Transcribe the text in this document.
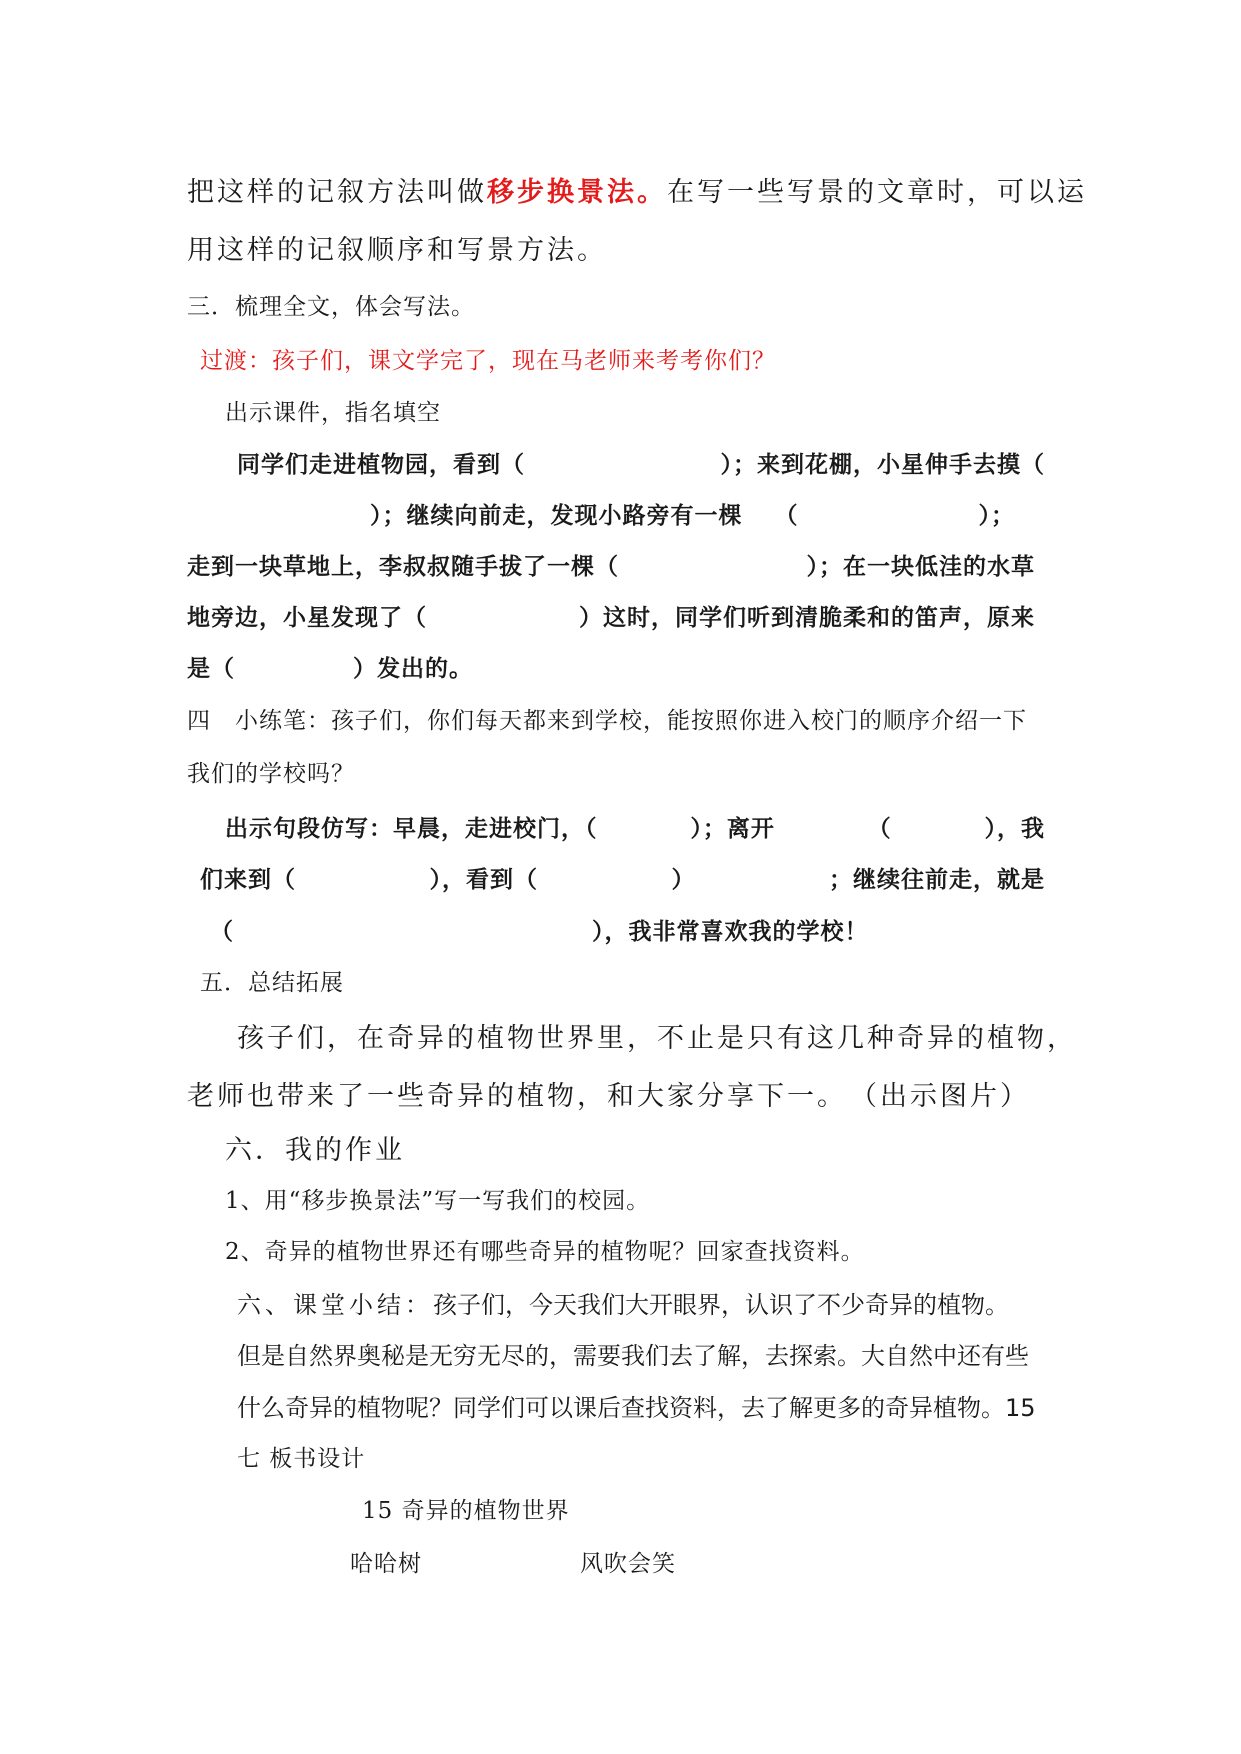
把这样的记叙方法叫做移步换景法。在写一些写景的文章时，可以运
用这样的记叙顺序和写景方法。
三．梳理全文，体会写法。
过渡：孩子们，课文学完了，现在马老师来考考你们？
出示课件，指名填空
同学们走进植物园，看到（	）；来到花棚，小星伸手去摸（
）；继续向前走，发现小路旁有一棵 （	）；
走到一块草地上，李叔叔随手拔了一棵（	）；在一块低洼的水草
地旁边，小星发现了（	）这时，同学们听到清脆柔和的笛声，原来
是（	）发出的。
四　小练笔：孩子们，你们每天都来到学校，能按照你进入校门的顺序介绍一下
我们的学校吗？
出示句段仿写：早晨，走进校门，（	）；离开	（	），我
们来到（	），看到（	）	；继续往前走，就是
（	），我非常喜欢我的学校！
五．总结拓展
孩子们，在奇异的植物世界里，不止是只有这几种奇异的植物，
老师也带来了一些奇异的植物，和大家分享下一。　（出示图片）
六．我的作业
1、用“移步换景法”写一写我们的校园。
2、奇异的植物世界还有哪些奇异的植物呢？回家查找资料。
六、课堂小结：孩子们，今天我们大开眼界，认识了不少奇异的植物。
但是自然界奥秘是无穷无尽的，需要我们去了解，去探索。大自然中还有些
什么奇异的植物呢？同学们可以课后查找资料，去了解更多的奇异植物。15
七 板书设计
15 奇异的植物世界
哈哈树	风吹会笑
